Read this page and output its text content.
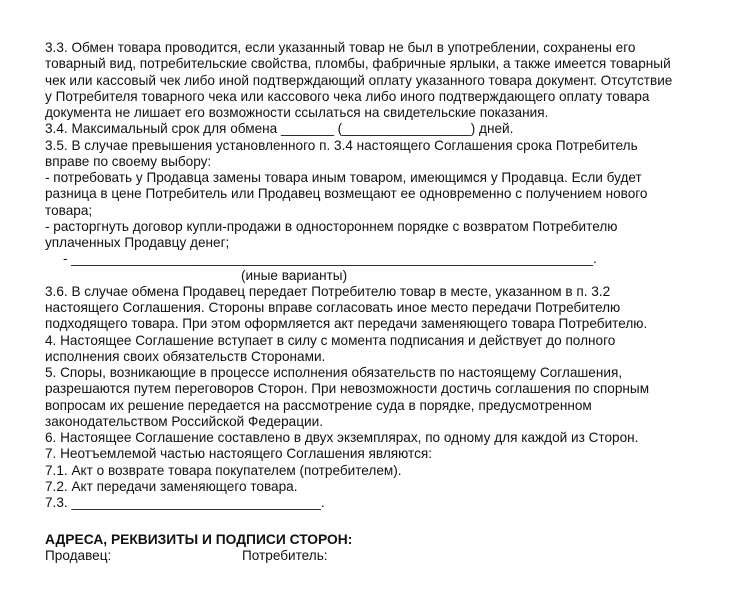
3.3. Обмен товара проводится, если указанный товар не был в употреблении, сохранены его
товарный вид, потребительские свойства, пломбы, фабричные ярлыки, а также имеется товарный
чек или кассовый чек либо иной подтверждающий оплату указанного товара документ. Отсутствие
у Потребителя товарного чека или кассового чека либо иного подтверждающего оплату товара
документа не лишает его возможности ссылаться на свидетельские показания.
3.4. Максимальный срок для обмена _______ (_________________) дней.
3.5. В случае превышения установленного п. 3.4 настоящего Соглашения срока Потребитель
вправе по своему выбору:
- потребовать у Продавца замены товара иным товаром, имеющимся у Продавца. Если будет
разница в цене Потребитель или Продавец возмещают ее одновременно с получением нового
товара;
- расторгнуть договор купли-продажи в одностороннем порядке с возвратом Потребителю
уплаченных Продавцу денег;
- _____________________________________________________________________.
(иные варианты)
3.6. В случае обмена Продавец передает Потребителю товар в месте, указанном в п. 3.2
настоящего Соглашения. Стороны вправе согласовать иное место передачи Потребителю
подходящего товара. При этом оформляется акт передачи заменяющего товара Потребителю.
4. Настоящее Соглашение вступает в силу с момента подписания и действует до полного
исполнения своих обязательств Сторонами.
5. Споры, возникающие в процессе исполнения обязательств по настоящему Соглашения,
разрешаются путем переговоров Сторон. При невозможности достичь соглашения по спорным
вопросам их решение передается на рассмотрение суда в порядке, предусмотренном
законодательством Российской Федерации.
6. Настоящее Соглашение составлено в двух экземплярах, по одному для каждой из Сторон.
7. Неотъемлемой частью настоящего Соглашения являются:
7.1. Акт о возврате товара покупателем (потребителем).
7.2. Акт передачи заменяющего товара.
7.3. _________________________________.
АДРЕСА, РЕКВИЗИТЫ И ПОДПИСИ СТОРОН:
Продавец:	Потребитель:
